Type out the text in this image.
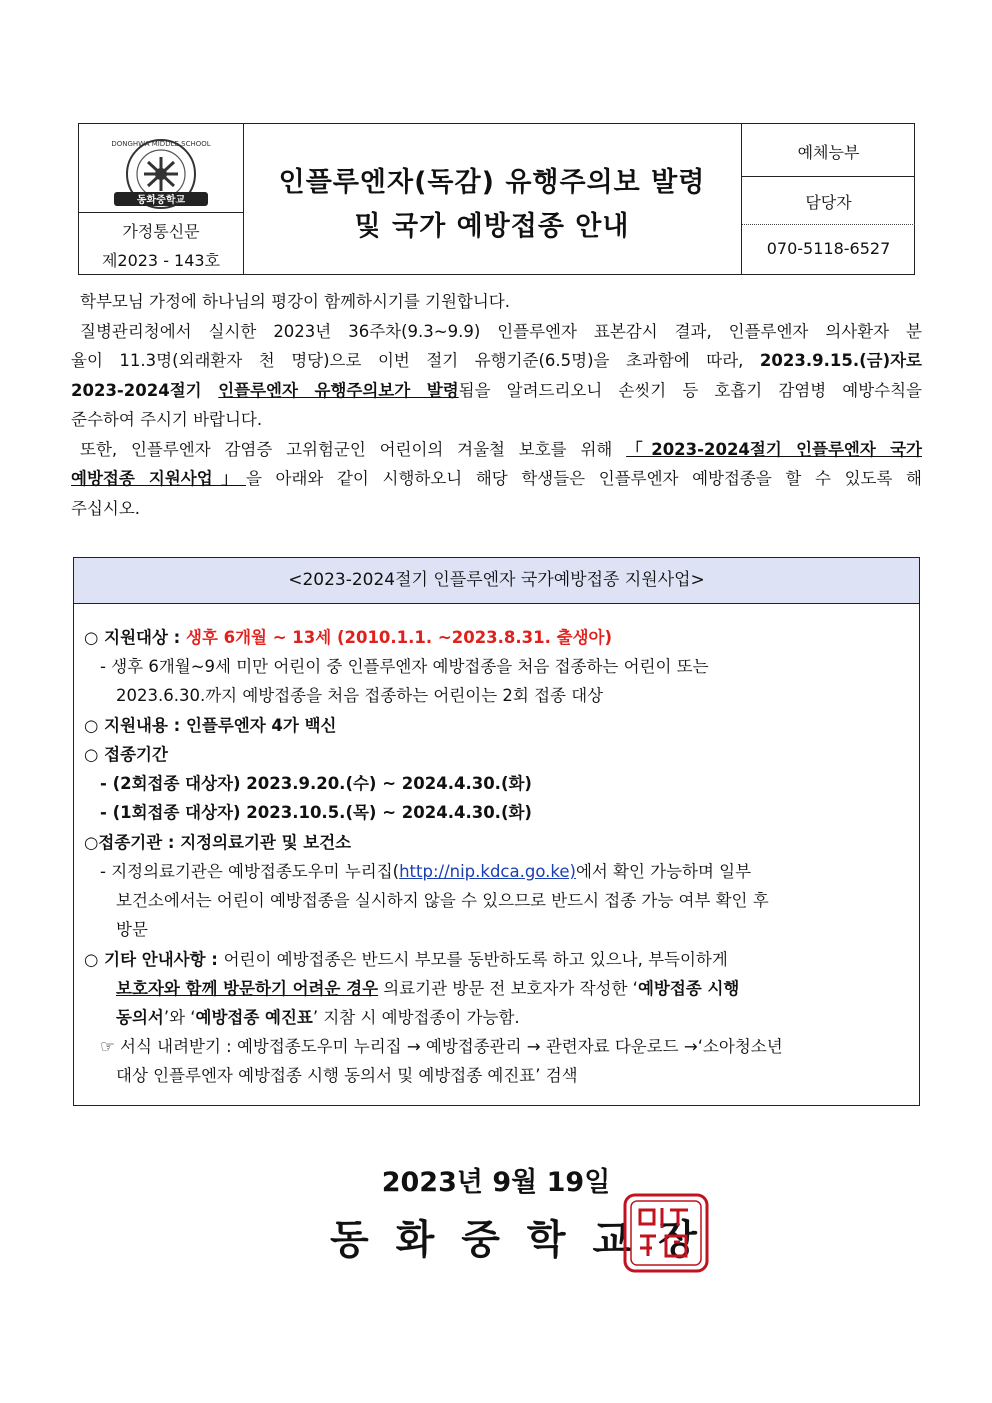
DONGHWA MIDDLE SCHOOL
동화중학교
가정통신문
제2023 - 143호
인플루엔자(독감) 유행주의보 발령
및 국가 예방접종 안내
예체능부
담당자
070-5118-6527
학부모님 가정에 하나님의 평강이 함께하시기를 기원합니다.
질병관리청에서 실시한 2023년 36주차(9.3~9.9) 인플루엔자 표본감시 결과, 인플루엔자 의사환자 분
율이 11.3명(외래환자 천 명당)으로 이번 절기 유행기준(6.5명)을 초과함에 따라, 2023.9.15.(금)자로
2023-2024절기 인플루엔자 유행주의보가 발령됨을 알려드리오니 손씻기 등 호흡기 감염병 예방수칙을
준수하여 주시기 바랍니다.
또한, 인플루엔자 감염증 고위험군인 어린이의 겨울철 보호를 위해 「2023-2024절기 인플루엔자 국가
예방접종 지원사업」을 아래와 같이 시행하오니 해당 학생들은 인플루엔자 예방접종을 할 수 있도록 해
주십시오.
<2023-2024절기 인플루엔자 국가예방접종 지원사업>
○ 지원대상 : 생후 6개월 ~ 13세 (2010.1.1. ~2023.8.31. 출생아)
- 생후 6개월~9세 미만 어린이 중 인플루엔자 예방접종을 처음 접종하는 어린이 또는
2023.6.30.까지 예방접종을 처음 접종하는 어린이는 2회 접종 대상
○ 지원내용 : 인플루엔자 4가 백신
○ 접종기간
- (2회접종 대상자) 2023.9.20.(수) ~ 2024.4.30.(화)
- (1회접종 대상자) 2023.10.5.(목) ~ 2024.4.30.(화)
○접종기관 : 지정의료기관 및 보건소
- 지정의료기관은 예방접종도우미 누리집(http://nip.kdca.go.ke)에서 확인 가능하며 일부
보건소에서는 어린이 예방접종을 실시하지 않을 수 있으므로 반드시 접종 가능 여부 확인 후
방문
○ 기타 안내사항 : 어린이 예방접종은 반드시 부모를 동반하도록 하고 있으나, 부득이하게
보호자와 함께 방문하기 어려운 경우 의료기관 방문 전 보호자가 작성한 ‘예방접종 시행
동의서’와 ‘예방접종 예진표’ 지참 시 예방접종이 가능함.
☞ 서식 내려받기 : 예방접종도우미 누리집 → 예방접종관리 → 관련자료 다운로드 →‘소아청소년
대상 인플루엔자 예방접종 시행 동의서 및 예방접종 예진표’ 검색
2023년 9월 19일
동화중학교장
